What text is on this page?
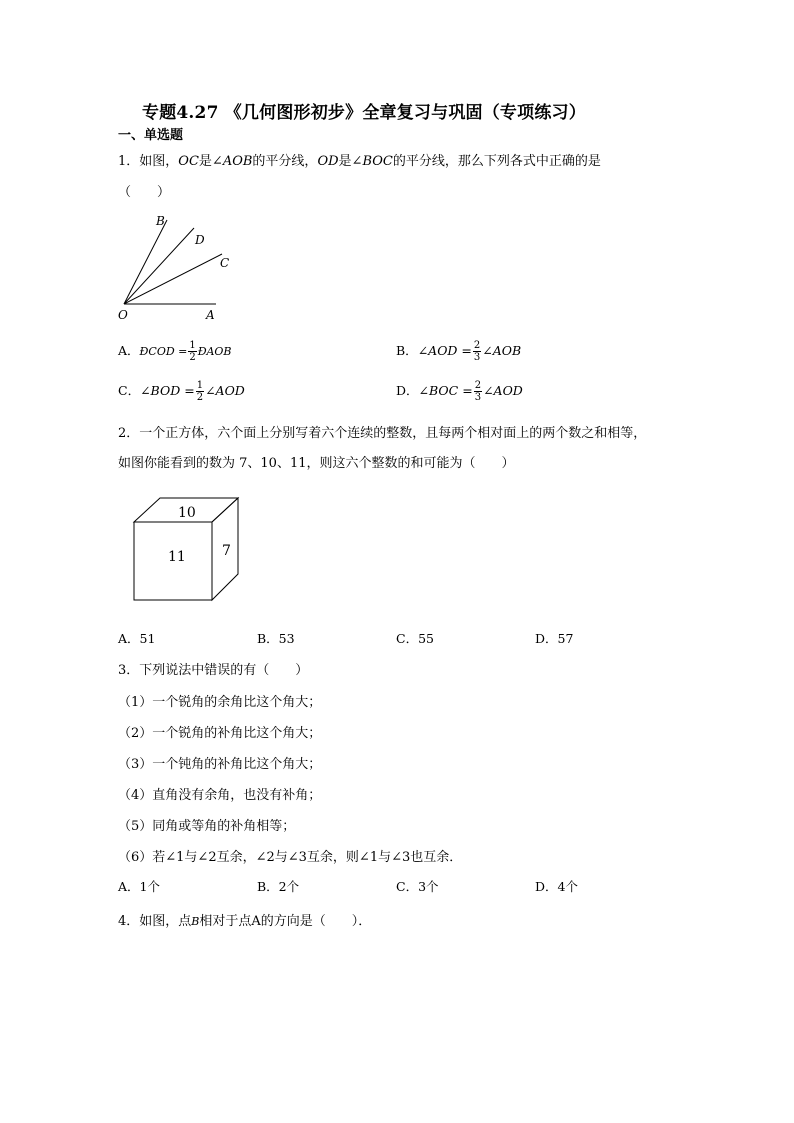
专题4.27 《几何图形初步》全章复习与巩固（专项练习）
一、单选题
1．如图，OC是∠AOB的平分线，OD是∠BOC的平分线，那么下列各式中正确的是
（　　）
B
D
C
O	A
A．ÐCOD = $\frac{1}{2}$ ÐAOB	B．∠AOD = $\frac{2}{3}$ ∠AOB
C．∠BOD = $\frac{1}{2}$ ∠AOD	D．∠BOC = $\frac{2}{3}$ ∠AOD
2．一个正方体，六个面上分别写着六个连续的整数，且每两个相对面上的两个数之和相等，
如图你能看到的数为 7、10、11，则这六个整数的和可能为（　　）
10
11	7
A．51	B．53	C．55	D．57
3．下列说法中错误的有（　　）
（1）一个锐角的余角比这个角大；
（2）一个锐角的补角比这个角大；
（3）一个钝角的补角比这个角大；
（4）直角没有余角，也没有补角；
（5）同角或等角的补角相等；
（6）若∠1与∠2互余，∠2与∠3互余，则∠1与∠3也互余．
A．1个	B．2个	C．3个	D．4个
4．如图，点B相对于点A的方向是（　　）．
